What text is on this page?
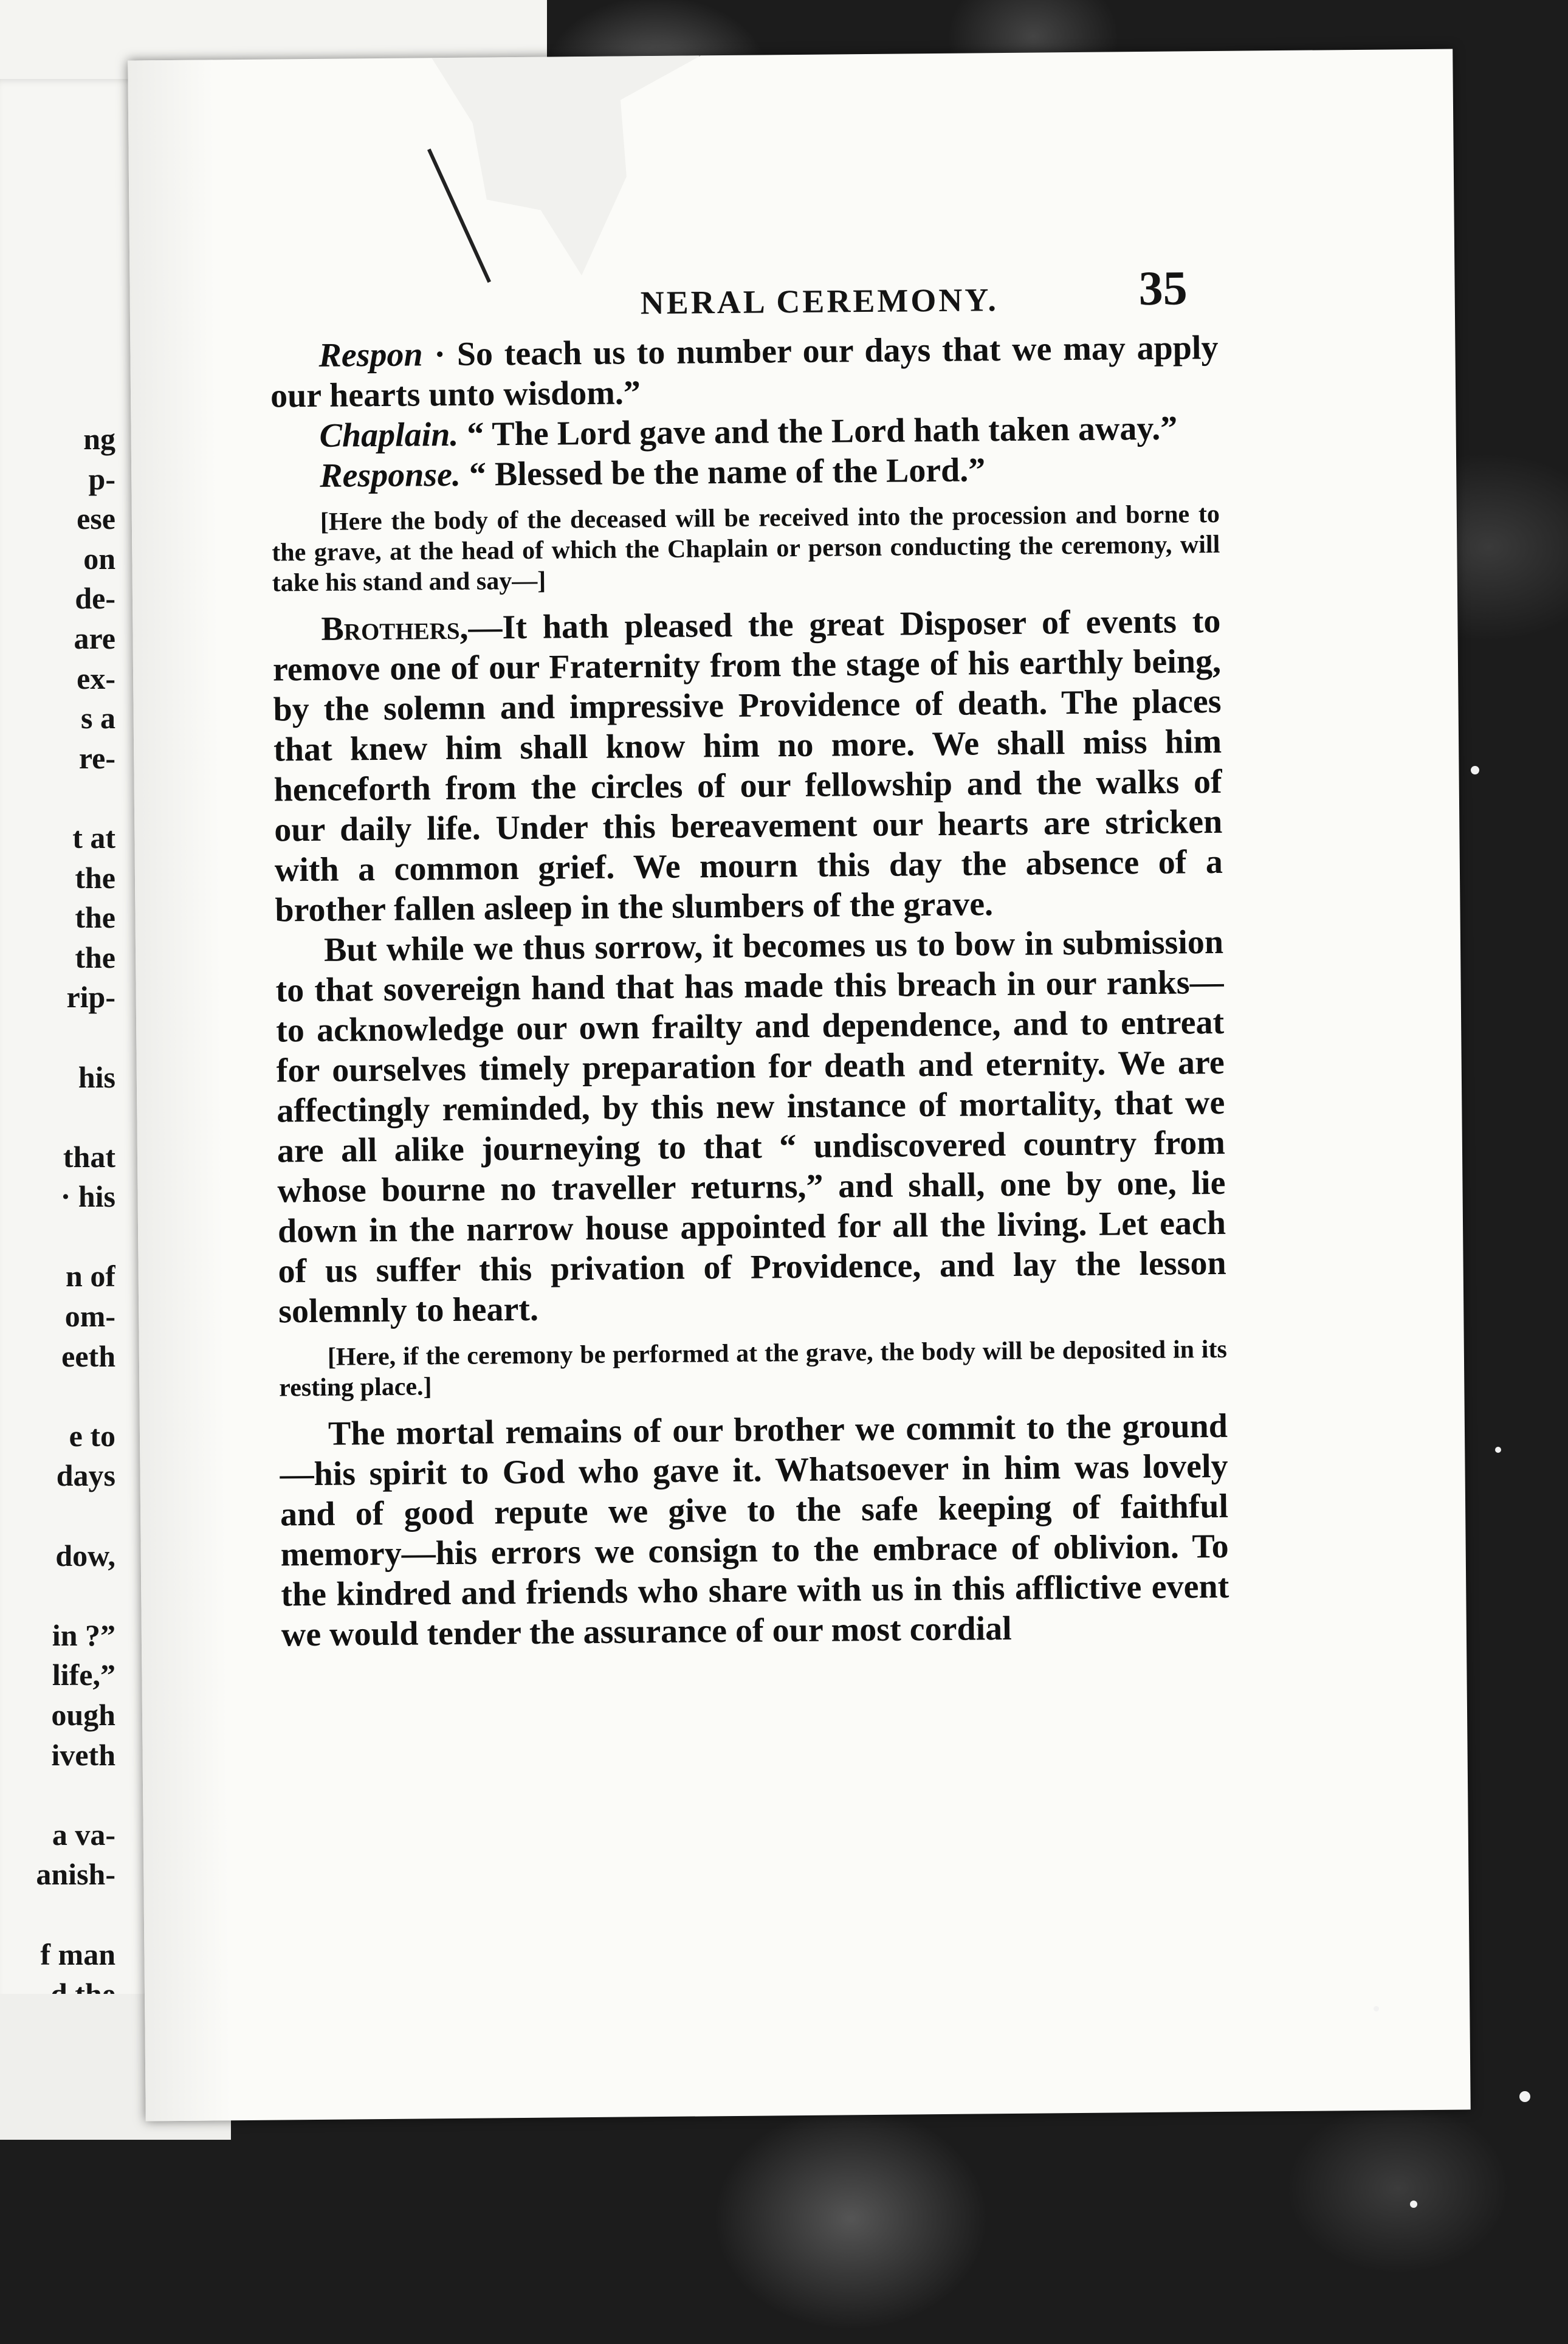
ng
p-
ese
on
de-
are
ex-
s a
re-

t at
the
the
the
rip-

his

that
· his

n of
om-
eeth

e to
days

dow,

in ?”
life,”
ough
iveth

a va-
anish-

f man

NERAL CEREMONY.	35

Respon · So teach us to number our days that we may apply our hearts unto wisdom.”

Chaplain. “ The Lord gave and the Lord hath taken away.”

Response. “ Blessed be the name of the Lord.”

[Here the body of the deceased will be received into the procession and borne to the grave, at the head of which the Chaplain or person conducting the ceremony, will take his stand and say—]

Brothers,—It hath pleased the great Disposer of events to remove one of our Fraternity from the stage of his earthly being, by the solemn and impressive Providence of death. The places that knew him shall know him no more. We shall miss him henceforth from the circles of our fellowship and the walks of our daily life. Under this bereavement our hearts are stricken with a common grief. We mourn this day the absence of a brother fallen asleep in the slumbers of the grave.

But while we thus sorrow, it becomes us to bow in submission to that sovereign hand that has made this breach in our ranks—to acknowledge our own frailty and dependence, and to entreat for ourselves timely preparation for death and eternity. We are affectingly reminded, by this new instance of mortality, that we are all alike journeying to that “ undiscovered country from whose bourne no traveller returns,” and shall, one by one, lie down in the narrow house appointed for all the living. Let each of us suffer this privation of Providence, and lay the lesson solemnly to heart.

[Here, if the ceremony be performed at the grave, the body will be deposited in its resting place.]

The mortal remains of our brother we commit to the ground—his spirit to God who gave it. Whatsoever in him was lovely and of good repute we give to the safe keeping of faithful memory—his errors we consign to the embrace of oblivion. To the kindred and friends who share with us in this afflictive event we would tender the assurance of our most cordial
